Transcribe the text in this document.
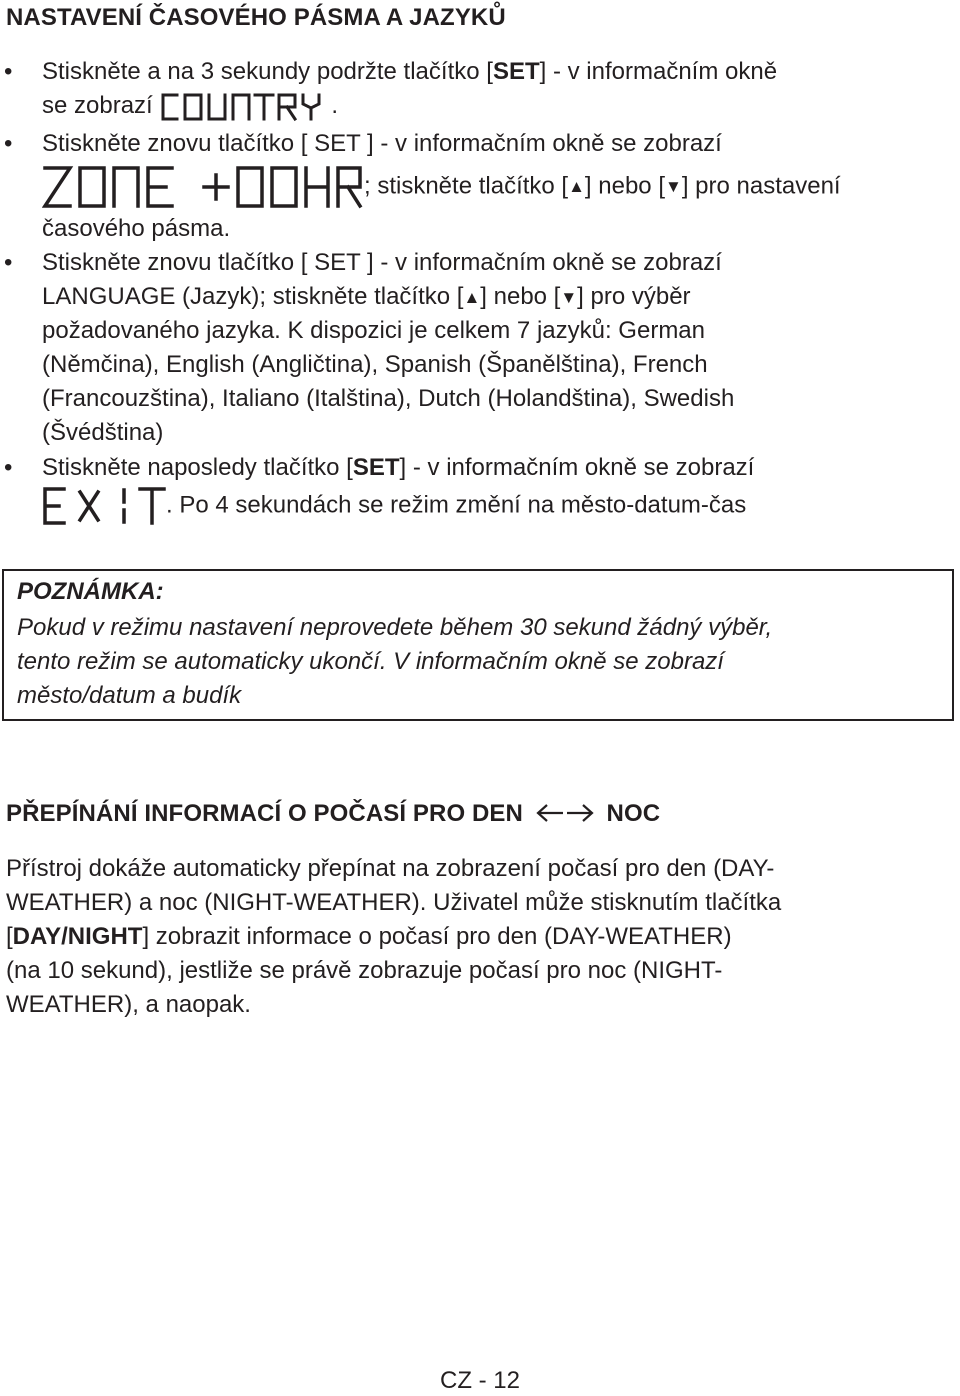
NASTAVENÍ ČASOVÉHO PÁSMA A JAZYKŮ
• Stiskněte a na 3 sekundy podržte tlačítko [SET] - v informačním okně
se zobrazí	.
• Stiskněte znovu tlačítko [ SET ] - v informačním okně se zobrazí
; stiskněte tlačítko [▲] nebo [▼] pro nastavení
časového pásma.
• Stiskněte znovu tlačítko [ SET ] - v informačním okně se zobrazí
LANGUAGE (Jazyk); stiskněte tlačítko [▲] nebo [▼] pro výběr
požadovaného jazyka. K dispozici je celkem 7 jazyků: German
(Němčina), English (Angličtina), Spanish (Španělština), French
(Francouzština), Italiano (Italština), Dutch (Holandština), Swedish
(Švédština)
• Stiskněte naposledy tlačítko [SET] - v informačním okně se zobrazí
. Po 4 sekundách se režim změní na město-datum-čas
POZNÁMKA:
Pokud v režimu nastavení neprovedete během 30 sekund žádný výběr,
tento režim se automaticky ukončí. V informačním okně se zobrazí
město/datum a budík
PŘEPÍNÁNÍ INFORMACÍ O POČASÍ PRO DEN	NOC
Přístroj dokáže automaticky přepínat na zobrazení počasí pro den (DAY-
WEATHER) a noc (NIGHT-WEATHER). Uživatel může stisknutím tlačítka
[DAY/NIGHT] zobrazit informace o počasí pro den (DAY-WEATHER)
(na 10 sekund), jestliže se právě zobrazuje počasí pro noc (NIGHT-
WEATHER), a naopak.
CZ - 12
